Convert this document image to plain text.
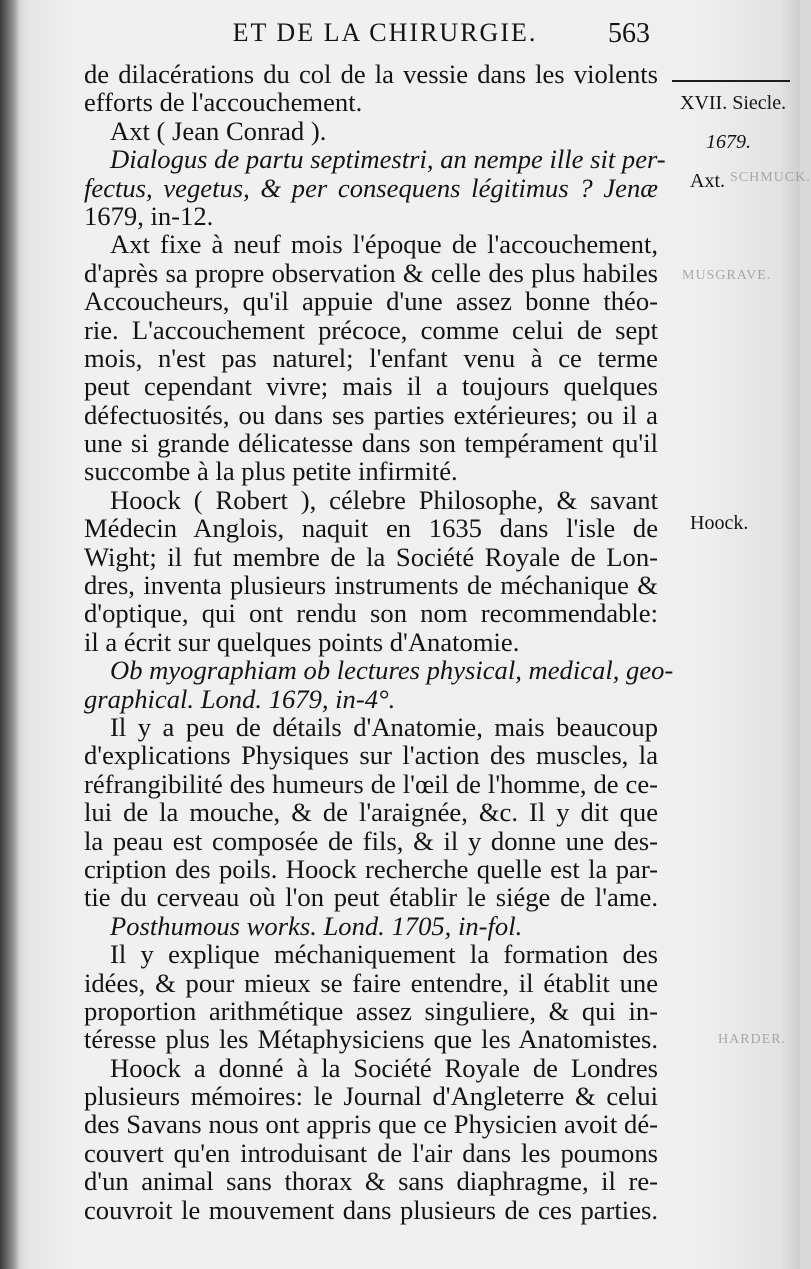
ET DE LA CHIRURGIE.	563
XVII. Siecle.
1679.
Axt.
Hoock.
SCHMUCK.
MUSGRAVE.
HARDER.
de dilacérations du col de la vessie dans les violents
efforts de l'accouchement.
Axt ( Jean Conrad ).
Dialogus de partu septimestri, an nempe ille sit per-
fectus, vegetus, & per consequens légitimus ? Jenæ
1679, in-12.
Axt fixe à neuf mois l'époque de l'accouchement,
d'après sa propre observation & celle des plus habiles
Accoucheurs, qu'il appuie d'une assez bonne théo-
rie. L'accouchement précoce, comme celui de sept
mois, n'est pas naturel; l'enfant venu à ce terme
peut cependant vivre; mais il a toujours quelques
défectuosités, ou dans ses parties extérieures; ou il a
une si grande délicatesse dans son tempérament qu'il
succombe à la plus petite infirmité.
Hoock ( Robert ), célebre Philosophe, & savant
Médecin Anglois, naquit en 1635 dans l'isle de
Wight; il fut membre de la Société Royale de Lon-
dres, inventa plusieurs instruments de méchanique &
d'optique, qui ont rendu son nom recommendable:
il a écrit sur quelques points d'Anatomie.
Ob myographiam ob lectures physical, medical, geo-
graphical. Lond. 1679, in-4°.
Il y a peu de détails d'Anatomie, mais beaucoup
d'explications Physiques sur l'action des muscles, la
réfrangibilité des humeurs de l'œil de l'homme, de ce-
lui de la mouche, & de l'araignée, &c. Il y dit que
la peau est composée de fils, & il y donne une des-
cription des poils. Hoock recherche quelle est la par-
tie du cerveau où l'on peut établir le siége de l'ame.
Posthumous works. Lond. 1705, in-fol.
Il y explique méchaniquement la formation des
idées, & pour mieux se faire entendre, il établit une
proportion arithmétique assez singuliere, & qui in-
téresse plus les Métaphysiciens que les Anatomistes.
Hoock a donné à la Société Royale de Londres
plusieurs mémoires: le Journal d'Angleterre & celui
des Savans nous ont appris que ce Physicien avoit dé-
couvert qu'en introduisant de l'air dans les poumons
d'un animal sans thorax & sans diaphragme, il re-
couvroit le mouvement dans plusieurs de ces parties.
